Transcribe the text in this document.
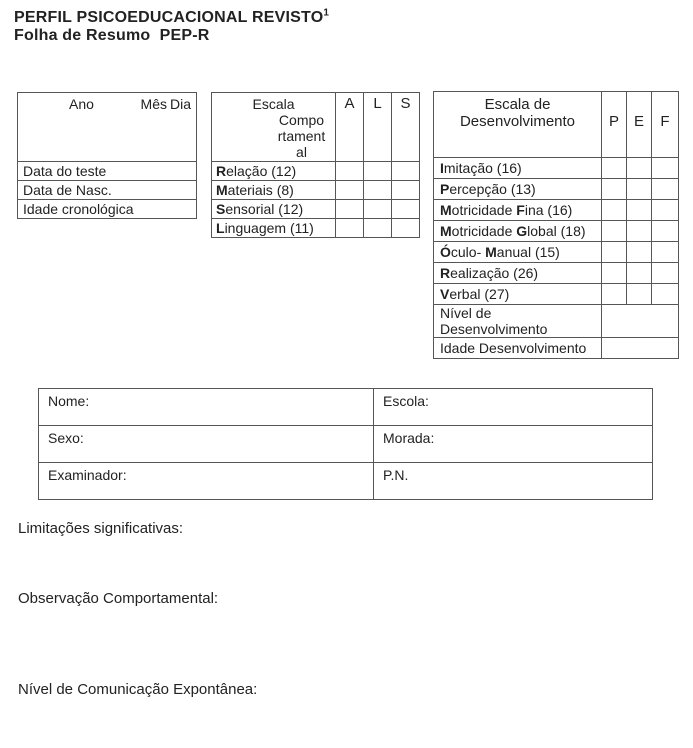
PERFIL PSICOEDUCACIONAL REVISTO$^1$
Folha de Resumo  PEP-R
Ano	Mês Dia

Data do teste
Data de Nasc.
Idade cronológica
Escala
Compo
rtament
al	A	L	S
Relação (12)			
Materiais (8)			
Sensorial (12)			
Linguagem (11)			
Escala de
Desenvolvimento	P	E	F
Imitação (16)			
Percepção (13)			
Motricidade Fina (16)			
Motricidade Global (18)			
Óculo- Manual (15)			
Realização (26)			
Verbal (27)			
Nível de Desenvolvimento			
Idade Desenvolvimento			
Nome:	Escola:
Sexo:	Morada:
Examinador:	P.N.
Limitações significativas:
Observação Comportamental:
Nível de Comunicação Expontânea:
